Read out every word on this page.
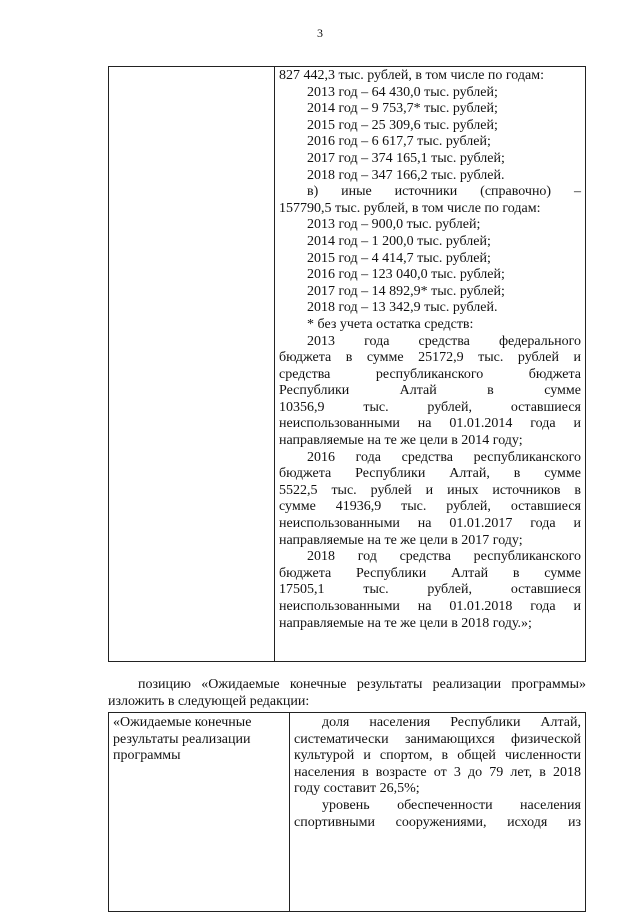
3

827 442,3 тыс. рублей, в том числе по годам:
2013 год – 64 430,0 тыс. рублей;
2014 год – 9 753,7* тыс. рублей;
2015 год – 25 309,6 тыс. рублей;
2016 год – 6 617,7 тыс. рублей;
2017 год – 374 165,1 тыс. рублей;
2018 год – 347 166,2 тыс. рублей.
в) иные источники (справочно) –
157790,5 тыс. рублей, в том числе по годам:
2013 год – 900,0 тыс. рублей;
2014 год – 1 200,0 тыс. рублей;
2015 год – 4 414,7 тыс. рублей;
2016 год – 123 040,0 тыс. рублей;
2017 год – 14 892,9* тыс. рублей;
2018 год – 13 342,9 тыс. рублей.
* без учета остатка средств:
2013 года средства федерального
бюджета в сумме 25172,9 тыс. рублей и
средства республиканского бюджета
Республики Алтай в сумме
10356,9 тыс. рублей, оставшиеся
неиспользованными на 01.01.2014 года и
направляемые на те же цели в 2014 году;
2016 года средства республиканского
бюджета Республики Алтай, в сумме
5522,5 тыс. рублей и иных источников в
сумме 41936,9 тыс. рублей, оставшиеся
неиспользованными на 01.01.2017 года и
направляемые на те же цели в 2017 году;
2018 год средства республиканского
бюджета Республики Алтай в сумме
17505,1 тыс. рублей, оставшиеся
неиспользованными на 01.01.2018 года и
направляемые на те же цели в 2018 году.»;
позицию «Ожидаемые конечные результаты реализации программы»
изложить в следующей редакции:
«Ожидаемые конечные
результаты реализации
программы

доля населения Республики Алтай,
систематически занимающихся физической
культурой и спортом, в общей численности
населения в возрасте от 3 до 79 лет, в 2018
году составит 26,5%;
уровень обеспеченности населения
спортивными сооружениями, исходя из
